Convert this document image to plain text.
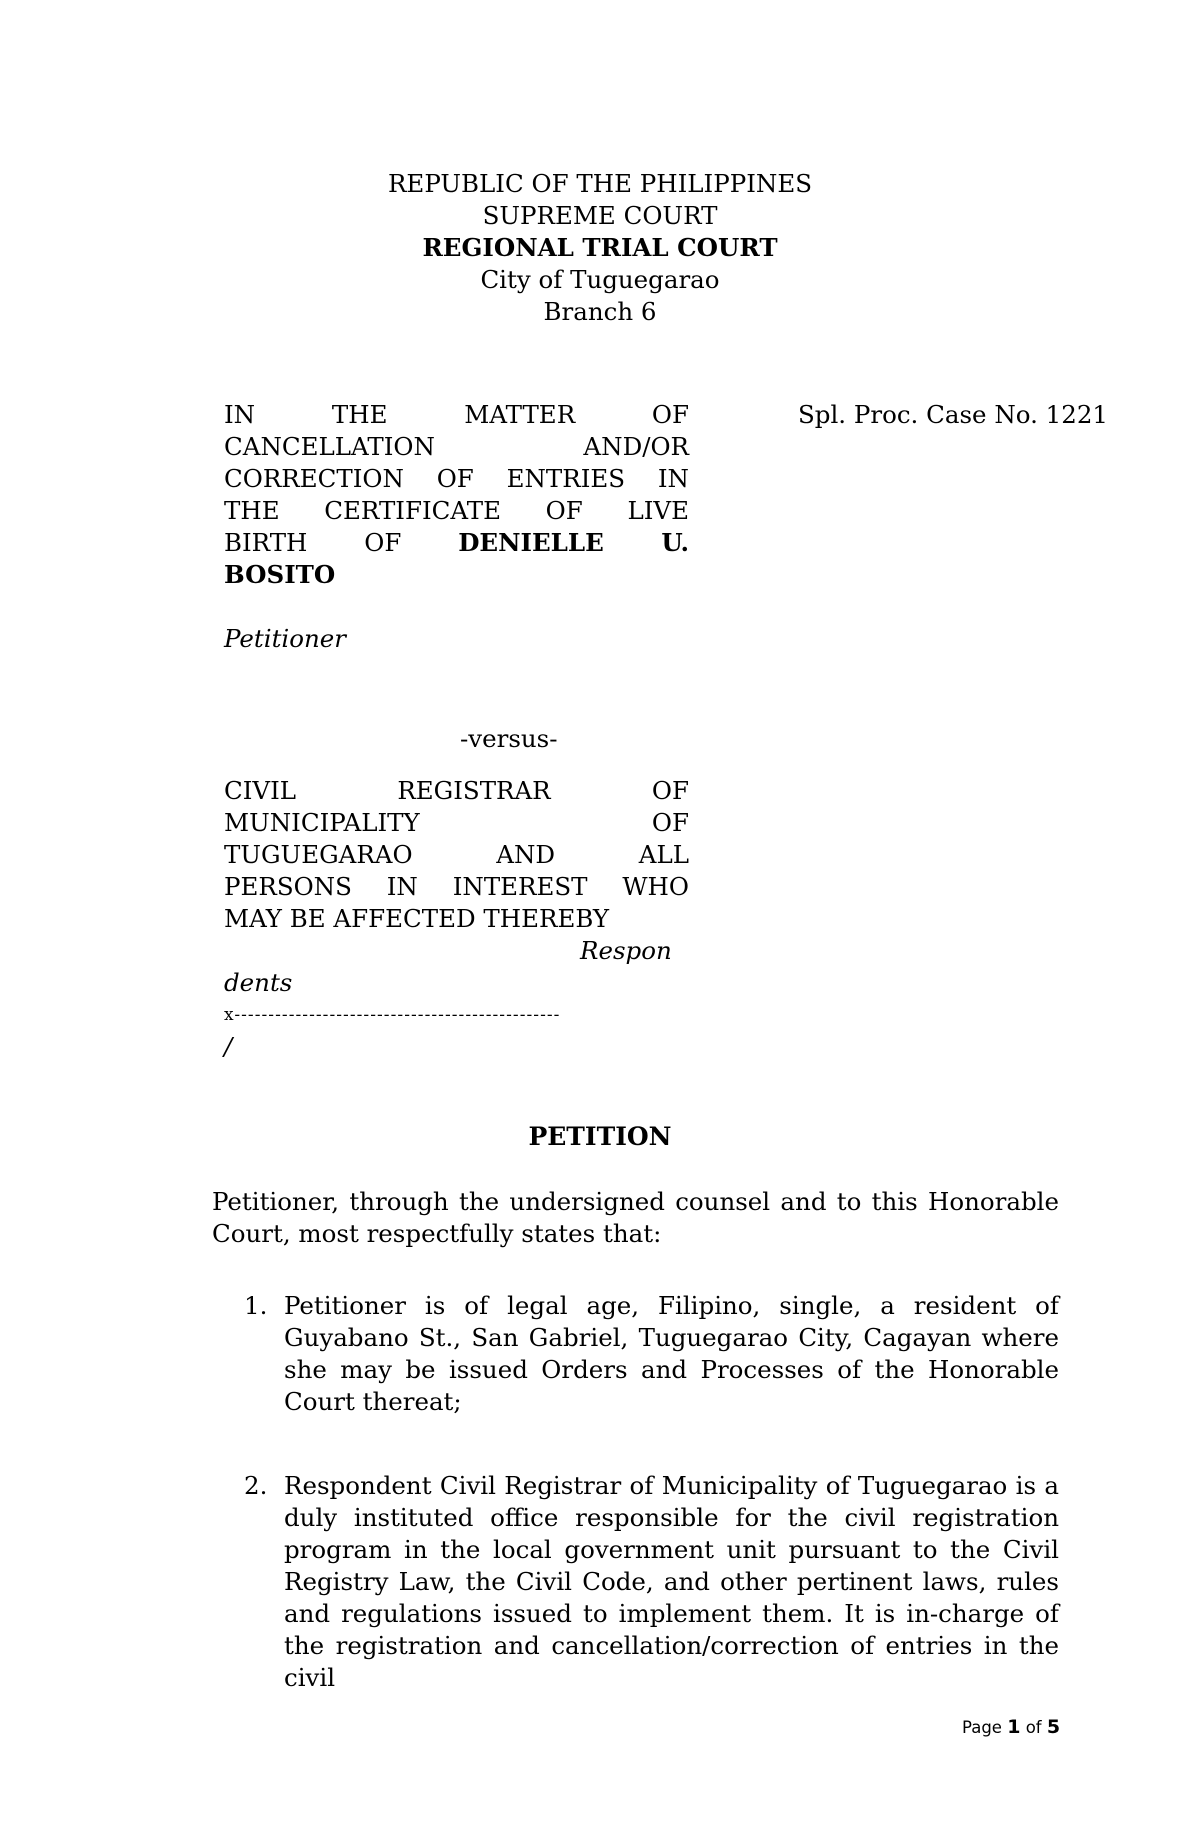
REPUBLIC OF THE PHILIPPINES
SUPREME COURT
REGIONAL TRIAL COURT
City of Tuguegarao
Branch 6
IN THE MATTER OF
CANCELLATION AND/OR
CORRECTION OF ENTRIES IN
THE CERTIFICATE OF LIVE
BIRTH OF DENIELLE U.
BOSITO
Petitioner
Spl. Proc. Case No. 1221
-versus-
CIVIL REGISTRAR OF
MUNICIPALITY OF
TUGUEGARAO AND ALL
PERSONS IN INTEREST WHO
MAY BE AFFECTED THEREBY
Respon
dents
x------------------------------------------------
/
PETITION
Petitioner, through the undersigned counsel and to this Honorable Court, most respectfully states that:
1. Petitioner is of legal age, Filipino, single, a resident of Guyabano St., San Gabriel, Tuguegarao City, Cagayan where she may be issued Orders and Processes of the Honorable Court thereat;
2. Respondent Civil Registrar of Municipality of Tuguegarao is a duly instituted office responsible for the civil registration program in the local government unit pursuant to the Civil Registry Law, the Civil Code, and other pertinent laws, rules and regulations issued to implement them. It is in-charge of the registration and cancellation/correction of entries in the civil
Page 1 of 5
